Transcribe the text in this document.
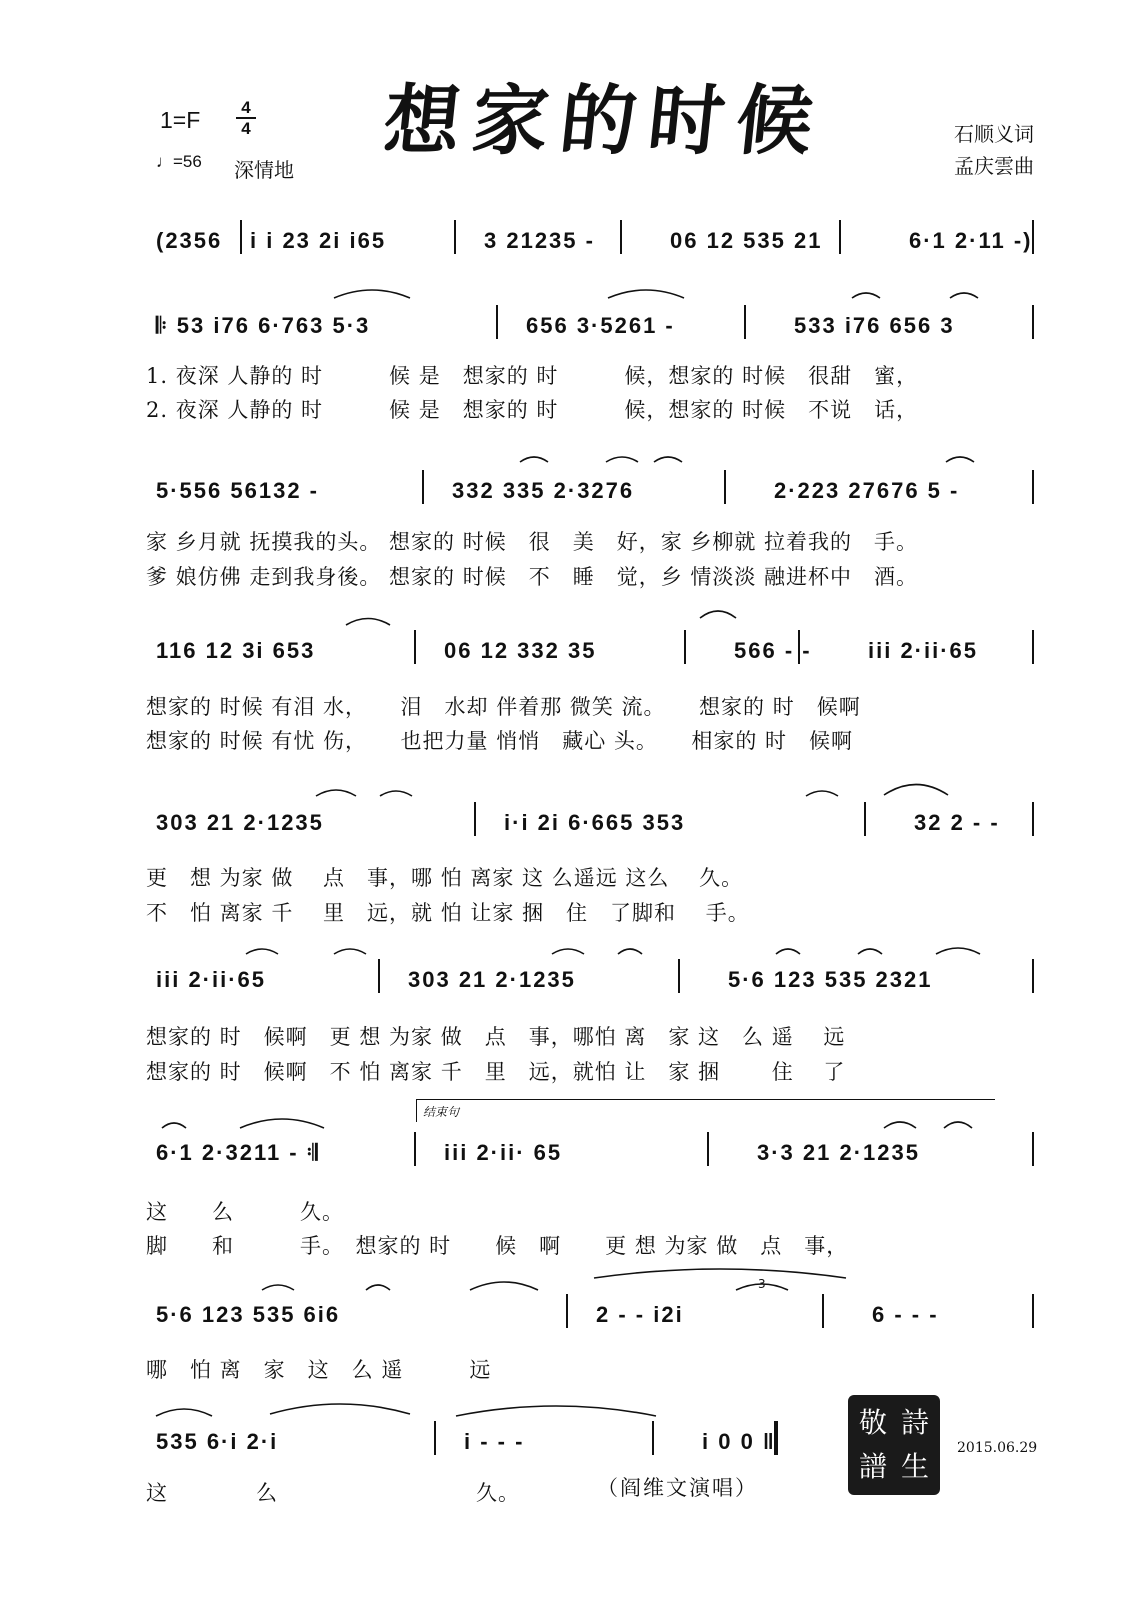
1=F	4
4
♩=56 深情地
想家的时候	石顺义词
孟庆雲曲
(2356	i i 23 2i i65	3 21235 -	06 12 535 21	6·1 2·11 -)
𝄆 53 i76 6·763 5·3	656 3·5261 -	533 i76 656 3
1. 夜深 人静的 时　　　候 是　想家的 时　　　候，想家的 时候　很甜　蜜，
2. 夜深 人静的 时　　　候 是　想家的 时　　　候，想家的 时候　不说　话，
5·556 56132 -	332 335 2·3276	2·223 27676 5 -
家 乡月就 抚摸我的头。 想家的 时候　很　美　好，家 乡柳就 拉着我的　手。
爹 娘仿佛 走到我身後。 想家的 时候　不　睡　觉，乡 情淡淡 融进杯中　酒。
116 12 3i 653	06 12 332 35	566 - -	iii 2·ii·65
想家的 时候 有泪 水，　　泪　水却 伴着那 微笑 流。　　想家的 时　候啊
想家的 时候 有忧 伤，　　也把力量 悄悄　藏心 头。　　相家的 时　候啊
303 21 2·1235	i·i 2i 6·665 353	32 2 - -
更　想 为家 做　 点　事，哪 怕 离家 这 么遥远 这么　 久。
不　怕 离家 千　 里　远，就 怕 让家 捆　住　了脚和　 手。
iii 2·ii·65	303 21 2·1235	5·6 123 535 2321
想家的 时　候啊　更 想 为家 做　点　事，哪怕 离　家 这　么 遥　 远
想家的 时　候啊　不 怕 离家 千　里　远，就怕 让　家 捆　　 住　 了
结束句
6·1 2·3211 - 𝄇	iii 2·ii· 65	3·3 21 2·1235
这　　么　　　久。
脚　　和　　　手。　想家的 时　　候　啊　　更 想 为家 做　点　事，
5·6 123 535 6i6	2 - - i2i	6 - - -
哪　怕 离　家　这　么 遥　　　远
535 6·i 2·i	i - - -	i 0 0 ‖
这　　　　么　　　　　　　　　久。	（阎维文演唱）
敬 詩
譜 生
2015.06.29
3
